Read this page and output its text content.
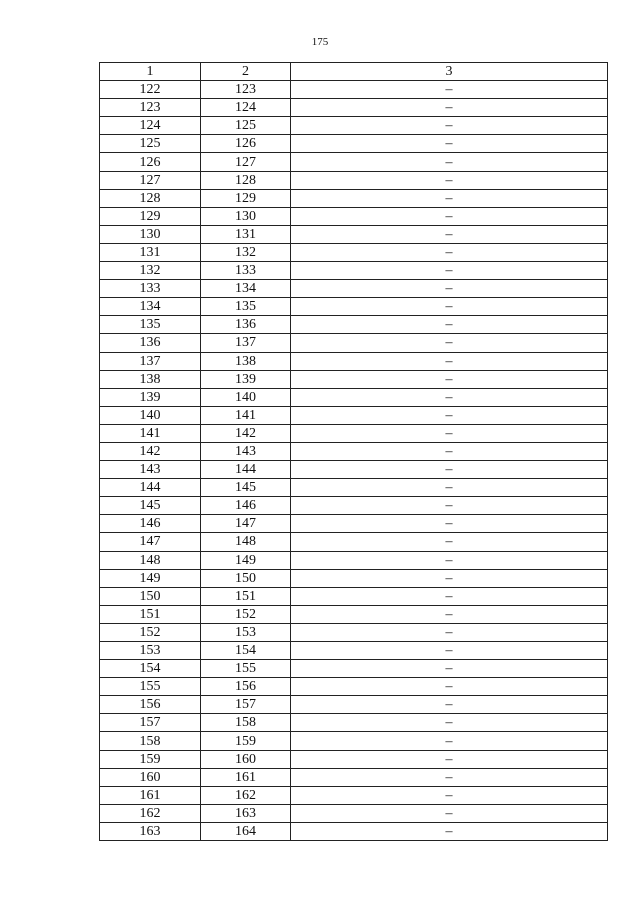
175
1	2	3
122	123	–
123	124	–
124	125	–
125	126	–
126	127	–
127	128	–
128	129	–
129	130	–
130	131	–
131	132	–
132	133	–
133	134	–
134	135	–
135	136	–
136	137	–
137	138	–
138	139	–
139	140	–
140	141	–
141	142	–
142	143	–
143	144	–
144	145	–
145	146	–
146	147	–
147	148	–
148	149	–
149	150	–
150	151	–
151	152	–
152	153	–
153	154	–
154	155	–
155	156	–
156	157	–
157	158	–
158	159	–
159	160	–
160	161	–
161	162	–
162	163	–
163	164	–
